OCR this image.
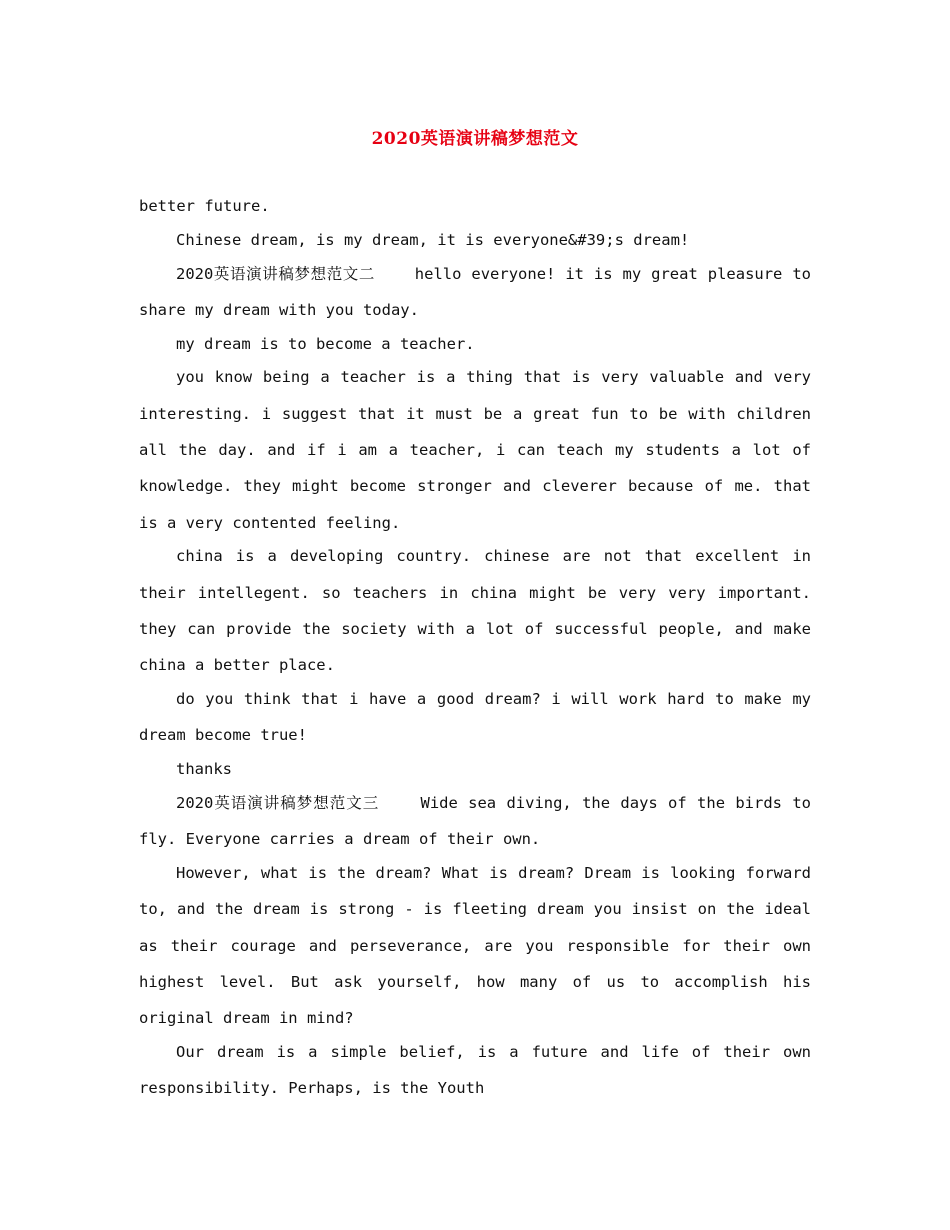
2020英语演讲稿梦想范文

better future.

Chinese dream, is my dream, it is everyone&#39;s dream!

2020英语演讲稿梦想范文二    hello everyone! it is my great pleasure to share my dream with you today.

my dream is to become a teacher.

you know being a teacher is a thing that is very valuable and very interesting. i suggest that it must be a great fun to be with children all the day. and if i am a teacher, i can teach my students a lot of knowledge. they might become stronger and cleverer because of me. that is a very contented feeling.

china is a developing country. chinese are not that excellent in their intellegent. so teachers in china might be very very important. they can provide the society with a lot of successful people, and make china a better place.

do you think that i have a good dream? i will work hard to make my dream become true!

thanks

2020英语演讲稿梦想范文三    Wide sea diving, the days of the birds to fly. Everyone carries a dream of their own.

However, what is the dream? What is dream? Dream is looking forward to, and the dream is strong - is fleeting dream you insist on the ideal as their courage and perseverance, are you responsible for their own highest level. But ask yourself, how many of us to accomplish his original dream in mind?

Our dream is a simple belief, is a future and life of their own responsibility. Perhaps, is the Youth
